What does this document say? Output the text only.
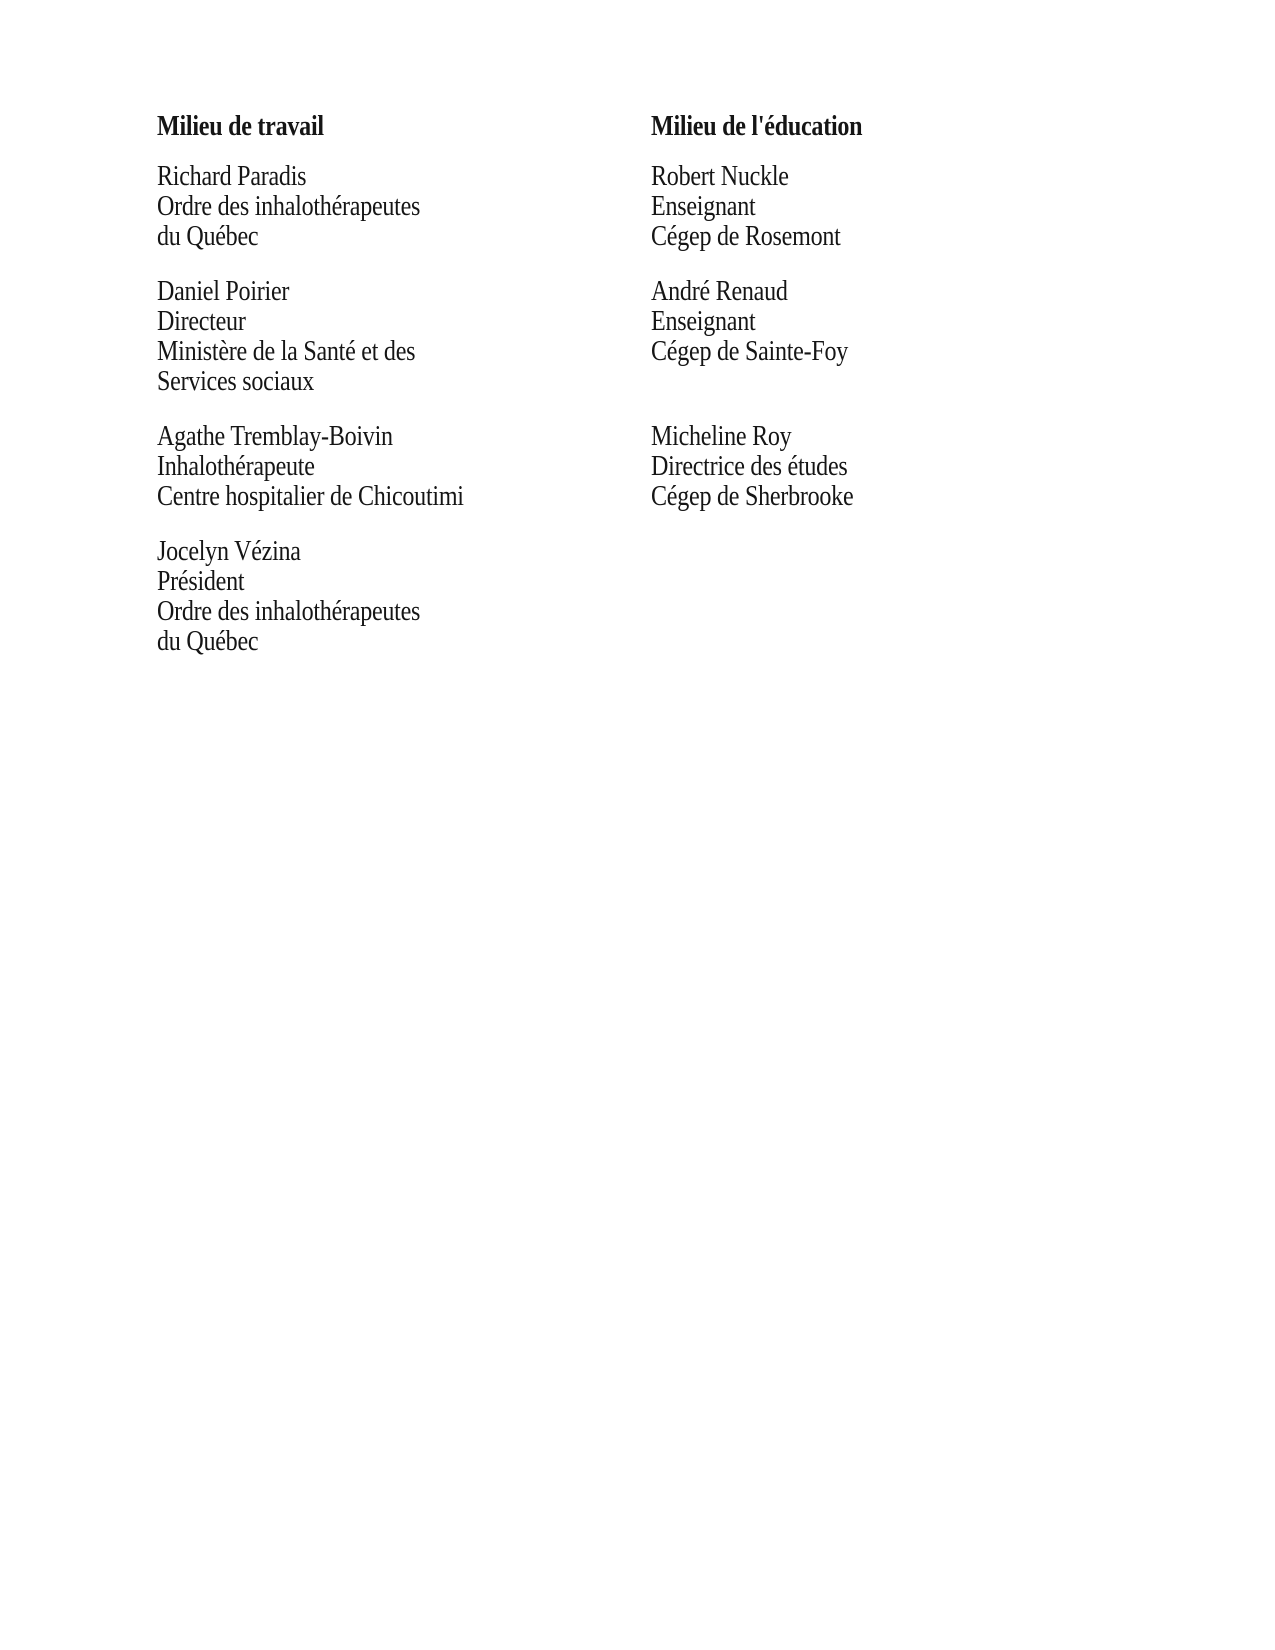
Milieu de travail	Milieu de l'éducation
Richard Paradis
Ordre des inhalothérapeutes
du Québec
Robert Nuckle
Enseignant
Cégep de Rosemont
Daniel Poirier
Directeur
Ministère de la Santé et des
Services sociaux
André Renaud
Enseignant
Cégep de Sainte-Foy
Agathe Tremblay-Boivin
Inhalothérapeute
Centre hospitalier de Chicoutimi
Micheline Roy
Directrice des études
Cégep de Sherbrooke
Jocelyn Vézina
Président
Ordre des inhalothérapeutes
du Québec
